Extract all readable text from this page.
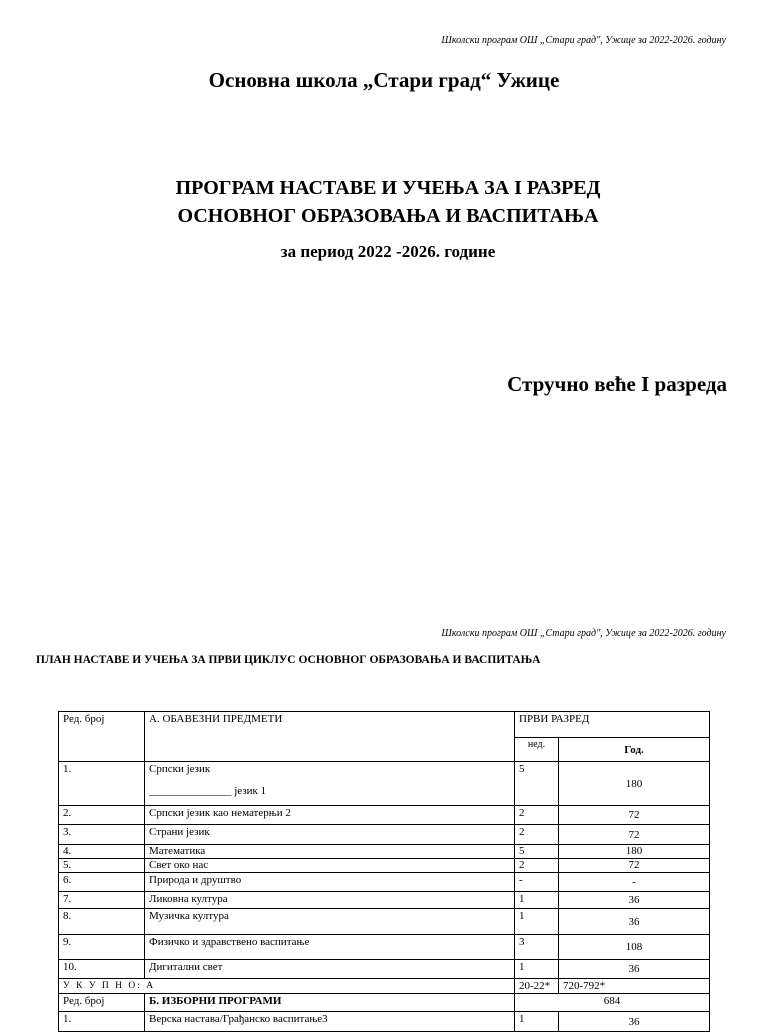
Школски програм ОШ „Стари град", Ужице за 2022-2026. годину
Основна школа „Стари град“ Ужице
ПРОГРАМ НАСТАВЕ И УЧЕЊА ЗА I РАЗРЕД
ОСНОВНОГ ОБРАЗОВАЊА И ВАСПИТАЊА
за период 2022 -2026. године
Стручно веће I разреда
Школски програм ОШ „Стари град", Ужице за 2022-2026. годину
ПЛАН НАСТАВЕ И УЧЕЊА ЗА ПРВИ ЦИКЛУС ОСНОВНОГ ОБРАЗОВАЊА И ВАСПИТАЊА
Ред. број	А. ОБАВЕЗНИ ПРЕДМЕТИ	ПРВИ РАЗРЕД	
		нед.	Год.
1.	Српски језик
_______________ језик 1	5	180
2.	Српски језик као нематерњи 2	2	72
3.	Страни језик	2	72
4.	Математика	5	180
5.	Свет око нас	2	72
6.	Природа и друштво	-	-
7.	Ликовна култура	1	36
8.	Музичка култура	1	36
9.	Физичко и здравствено васпитање	3	108
10.	Дигитални свет	1	36
У К У П Н О: А		20-22*	720-792*
Ред. број	Б. ИЗБОРНИ ПРОГРАМИ	684	
1.	Верска настава/Грађанско васпитање3	1	36
